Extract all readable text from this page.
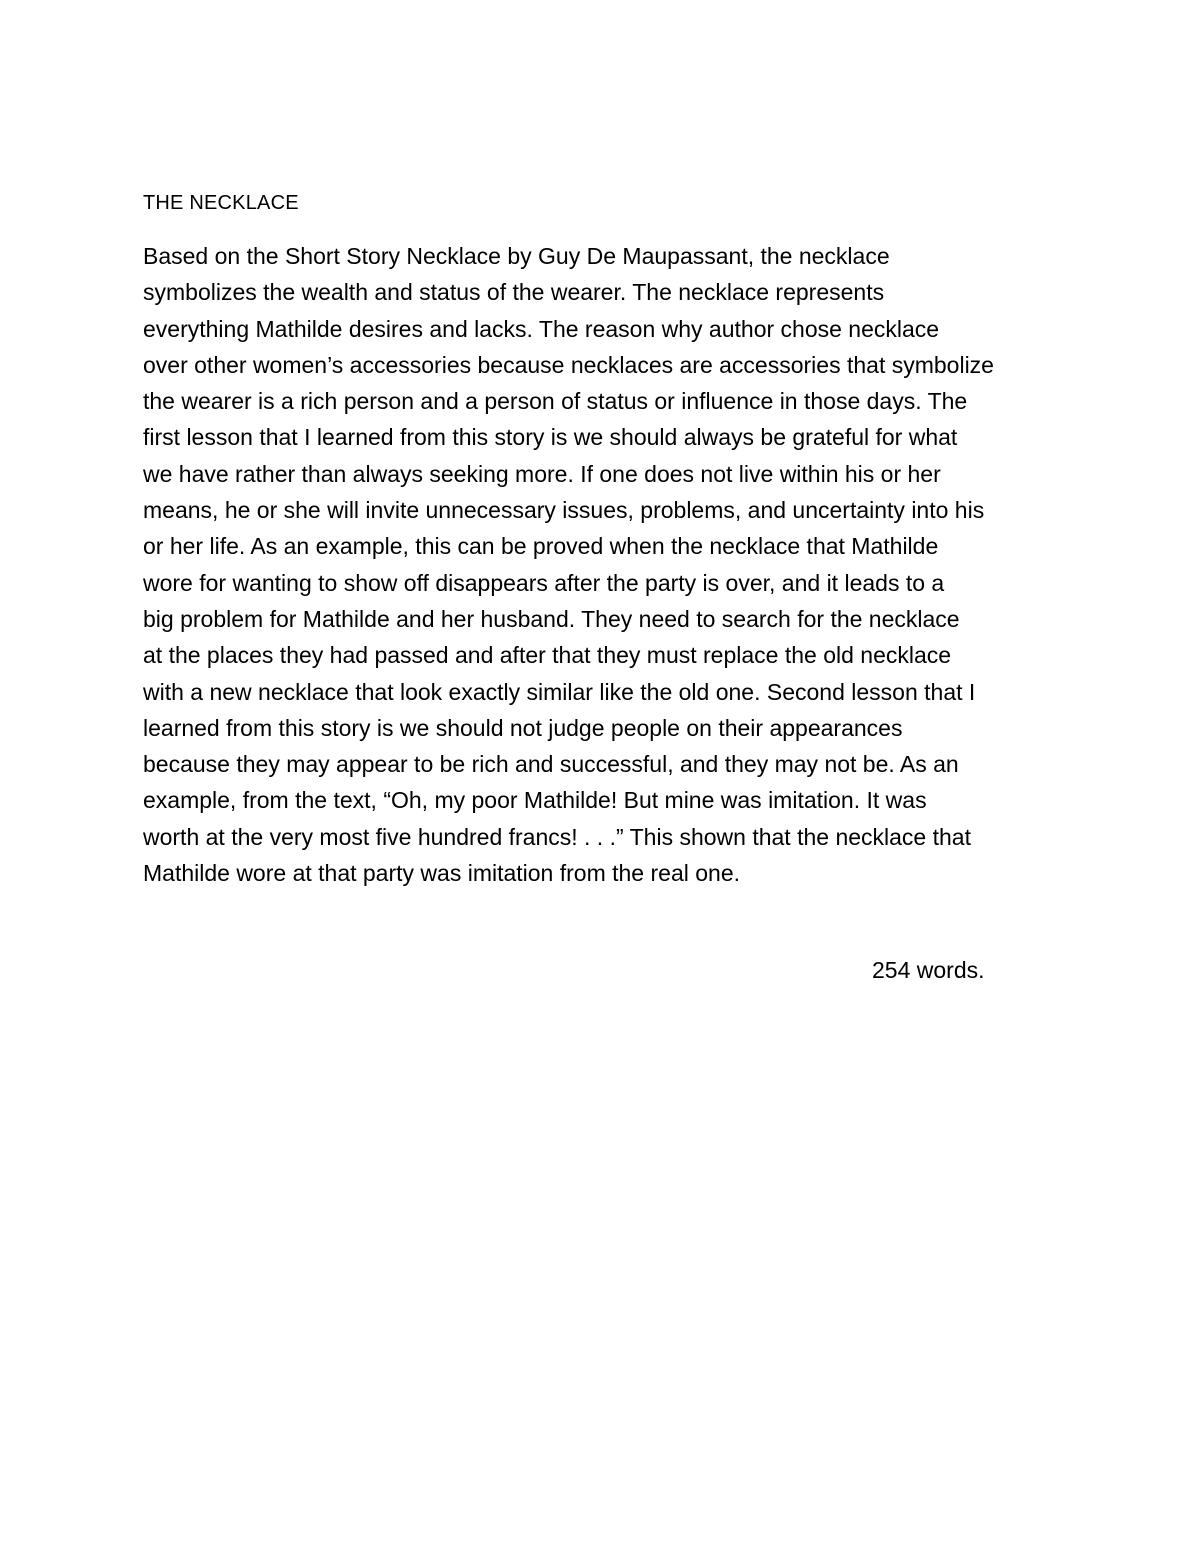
THE NECKLACE

Based on the Short Story Necklace by Guy De Maupassant, the necklace
symbolizes the wealth and status of the wearer. The necklace represents
everything Mathilde desires and lacks. The reason why author chose necklace
over other women’s accessories because necklaces are accessories that symbolize
the wearer is a rich person and a person of status or influence in those days. The
first lesson that I learned from this story is we should always be grateful for what
we have rather than always seeking more. If one does not live within his or her
means, he or she will invite unnecessary issues, problems, and uncertainty into his
or her life. As an example, this can be proved when the necklace that Mathilde
wore for wanting to show off disappears after the party is over, and it leads to a
big problem for Mathilde and her husband. They need to search for the necklace
at the places they had passed and after that they must replace the old necklace
with a new necklace that look exactly similar like the old one. Second lesson that I
learned from this story is we should not judge people on their appearances
because they may appear to be rich and successful, and they may not be. As an
example, from the text, “Oh, my poor Mathilde! But mine was imitation. It was
worth at the very most five hundred francs! . . .” This shown that the necklace that
Mathilde wore at that party was imitation from the real one.

254 words.
